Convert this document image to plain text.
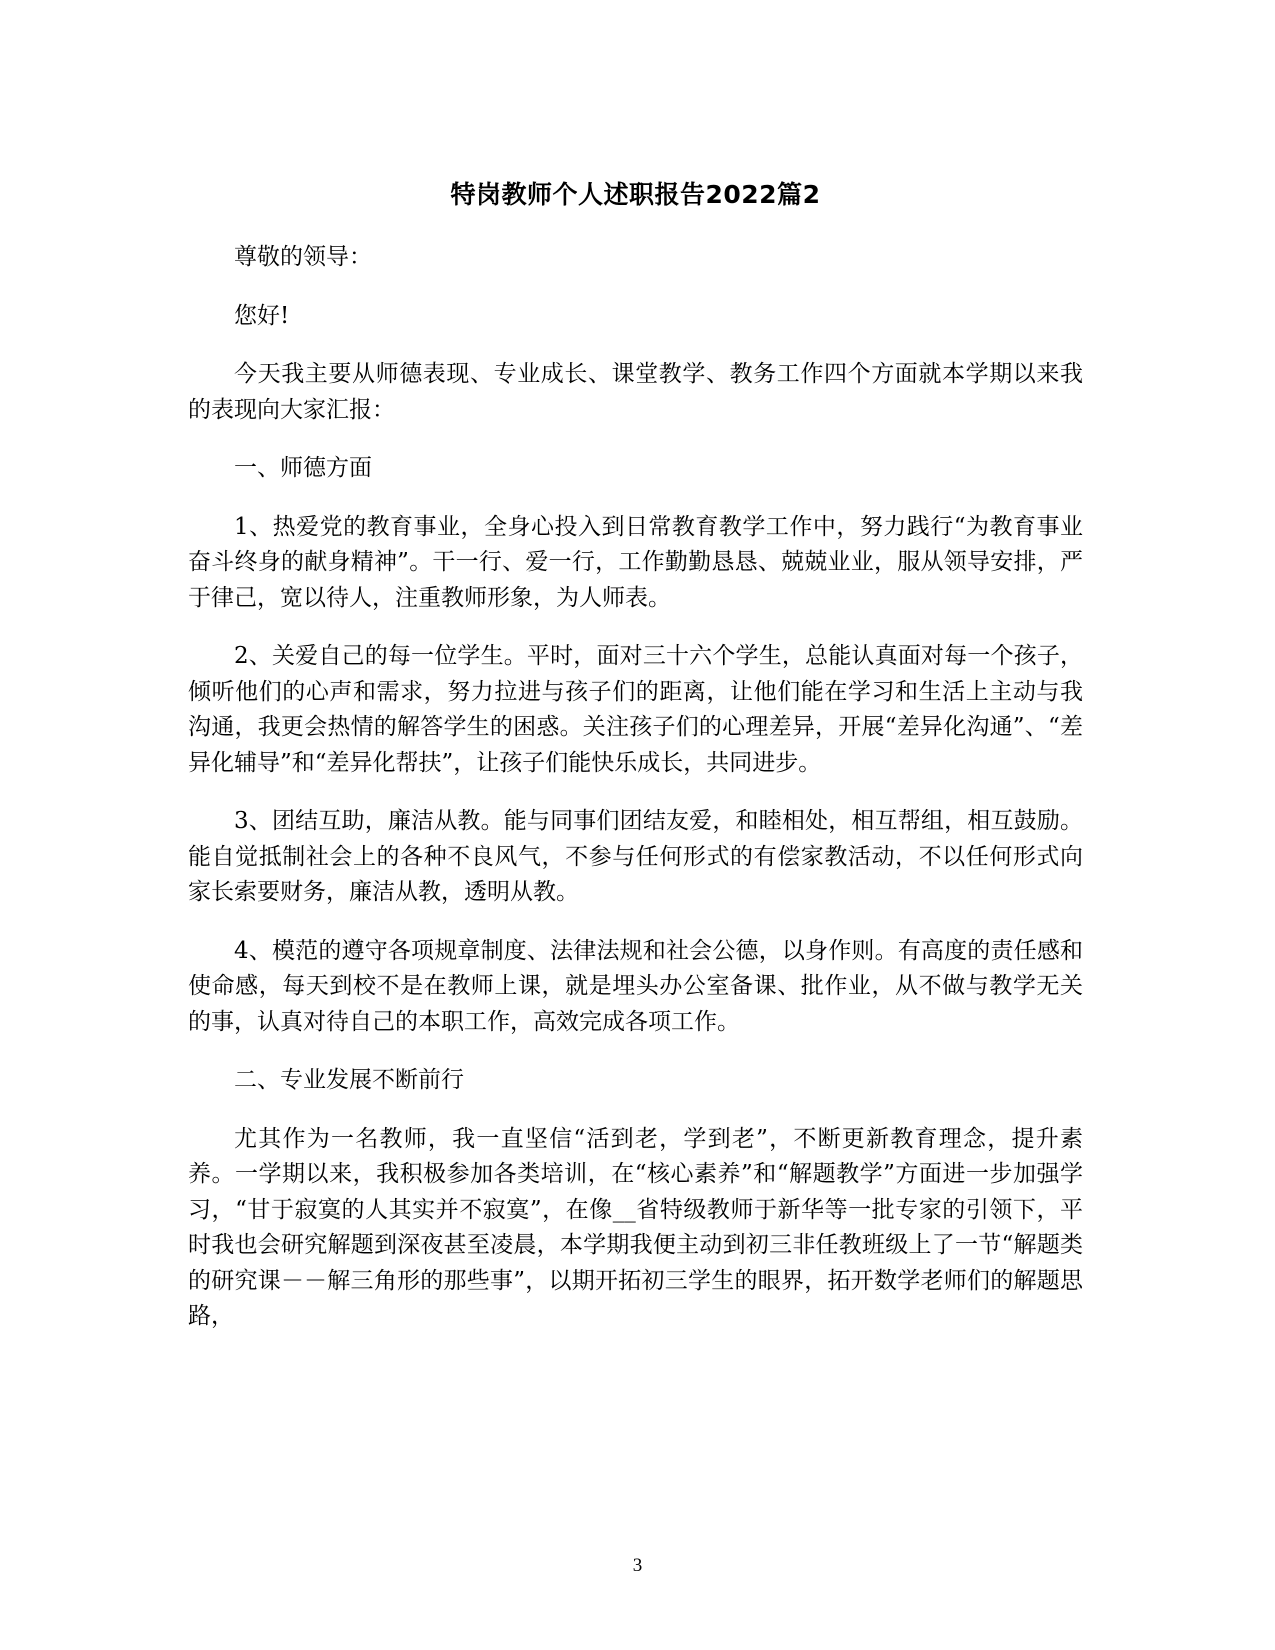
特岗教师个人述职报告2022篇2

尊敬的领导：

您好!

今天我主要从师德表现、专业成长、课堂教学、教务工作四个方面就本学期以来我的表现向大家汇报：

一、师德方面

1、热爱党的教育事业，全身心投入到日常教育教学工作中，努力践行“为教育事业奋斗终身的献身精神”。干一行、爱一行，工作勤勤恳恳、兢兢业业，服从领导安排，严于律己，宽以待人，注重教师形象，为人师表。

2、关爱自己的每一位学生。平时，面对三十六个学生，总能认真面对每一个孩子，倾听他们的心声和需求，努力拉进与孩子们的距离，让他们能在学习和生活上主动与我沟通，我更会热情的解答学生的困惑。关注孩子们的心理差异，开展“差异化沟通”、“差异化辅导”和“差异化帮扶”，让孩子们能快乐成长，共同进步。

3、团结互助，廉洁从教。能与同事们团结友爱，和睦相处，相互帮组，相互鼓励。能自觉抵制社会上的各种不良风气，不参与任何形式的有偿家教活动，不以任何形式向家长索要财务，廉洁从教，透明从教。

4、模范的遵守各项规章制度、法律法规和社会公德，以身作则。有高度的责任感和使命感，每天到校不是在教师上课，就是埋头办公室备课、批作业，从不做与教学无关的事，认真对待自己的本职工作，高效完成各项工作。

二、专业发展不断前行

尤其作为一名教师，我一直坚信“活到老，学到老”，不断更新教育理念，提升素养。一学期以来，我积极参加各类培训，在“核心素养”和“解题教学”方面进一步加强学习，“甘于寂寞的人其实并不寂寞”，在像__省特级教师于新华等一批专家的引领下，平时我也会研究解题到深夜甚至凌晨，本学期我便主动到初三非任教班级上了一节“解题类的研究课－－解三角形的那些事”，以期开拓初三学生的眼界，拓开数学老师们的解题思路，

3
